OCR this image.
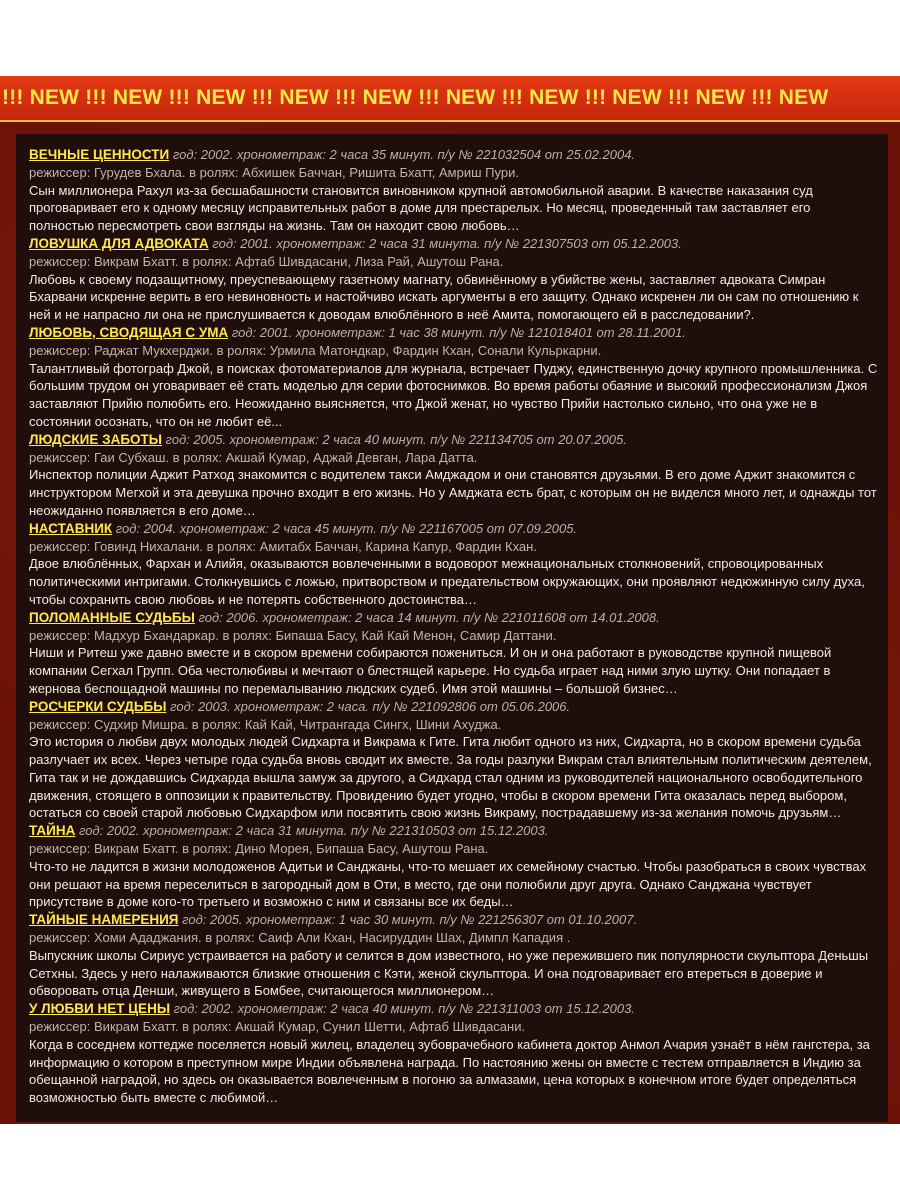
!!! NEW !!! NEW !!! NEW !!! NEW !!! NEW !!! NEW !!! NEW !!! NEW !!! NEW !!! NEW
ВЕЧНЫЕ ЦЕННОСТИ год: 2002. хронометраж: 2 часа 35 минут. п/у № 221032504 от 25.02.2004.
режиссер: Гурудев Бхала. в ролях: Абхишек Баччан, Ришита Бхатт, Амриш Пури.
Сын миллионера Рахул из-за бесшабашности становится виновником крупной автомобильной аварии. В качестве наказания суд проговаривает его к одному месяцу исправительных работ в доме для престарелых. Но месяц, проведенный там заставляет его полностью пересмотреть свои взгляды на жизнь. Там он находит свою любовь…
ЛОВУШКА ДЛЯ АДВОКАТА год: 2001. хронометраж: 2 часа 31 минута. п/у № 221307503 от 05.12.2003.
режиссер: Викрам Бхатт. в ролях: Афтаб Шивдасани, Лиза Рай, Ашутош Рана.
Любовь к своему подзащитному, преуспевающему газетному магнату, обвинённому в убийстве жены, заставляет адвоката Симран Бхарвани искренне верить в его невиновность и настойчиво искать аргументы в его защиту. Однако искренен ли он сам по отношению к ней и не напрасно ли она не прислушивается к доводам влюблённого в неё Амита, помогающего ей в расследовании?.
ЛЮБОВЬ, СВОДЯЩАЯ С УМА год: 2001. хронометраж: 1 час 38 минут. п/у № 121018401 от 28.11.2001.
режиссер: Раджат Мукхерджи. в ролях: Урмила Матондкар, Фардин Кхан, Сонали Кульркарни.
Талантливый фотограф Джой, в поисках фотоматериалов для журнала, встречает Пуджу, единственную дочку крупного промышленника. С большим трудом он уговаривает её стать моделью для серии фотоснимков. Во время работы обаяние и высокий профессионализм Джоя заставляют Прийю полюбить его. Неожиданно выясняется, что Джой женат, но чувство Прийи настолько сильно, что она уже не в состоянии осознать, что он не любит её...
ЛЮДСКИЕ ЗАБОТЫ год: 2005. хронометраж: 2 часа 40 минут. п/у № 221134705 от 20.07.2005.
режиссер: Гаи Субхаш. в ролях: Акшай Кумар, Аджай Девган, Лара Датта.
Инспектор полиции Аджит Ратход знакомится с водителем такси Амджадом и они становятся друзьями. В его доме Аджит знакомится с инструктором Мегхой и эта девушка прочно входит в его жизнь. Но у Амджата есть брат, с которым он не виделся много лет, и однажды тот неожиданно появляется в его доме…
НАСТАВНИК год: 2004. хронометраж: 2 часа 45 минут. п/у № 221167005 от 07.09.2005.
режиссер: Говинд Нихалани. в ролях: Амитабх Баччан, Карина Капур, Фардин Кхан.
Двое влюблённых, Фархан и Алийя, оказываются вовлеченными в водоворот межнациональных столкновений, спровоцированных политическими интригами. Столкнувшись с ложью, притворством и предательством окружающих, они проявляют недюжинную силу духа, чтобы сохранить свою любовь и не потерять собственного достоинства…
ПОЛОМАННЫЕ СУДЬБЫ год: 2006. хронометраж: 2 часа 14 минут. п/у № 221011608 от 14.01.2008.
режиссер: Мадхур Бхандаркар. в ролях: Бипаша Басу, Кай Кай Менон, Самир Даттани.
Ниши и Ритеш уже давно вместе и в скором времени собираются пожениться. И он и она работают в руководстве крупной пищевой компании Сегхал Групп. Оба честолюбивы и мечтают о блестящей карьере. Но судьба играет над ними злую шутку. Они попадает в жернова беспощадной машины по перемалыванию людских судеб. Имя этой машины – большой бизнес…
РОСЧЕРКИ СУДЬБЫ год: 2003. хронометраж: 2 часа. п/у № 221092806 от 05.06.2006.
режиссер: Судхир Мишра. в ролях: Кай Кай, Читрангада Сингх, Шини Ахуджа.
Это история о любви двух молодых людей Сидхарта и Викрама к Гите. Гита любит одного из них, Сидхарта, но в скором времени судьба разлучает их всех. Через четыре года судьба вновь сводит их вместе. За годы разлуки Викрам стал влиятельным политическим деятелем, Гита так и не дождавшись Сидхарда вышла замуж за другого, а Сидхард стал одним из руководителей национального освободительного движения, стоящего в оппозиции к правительству. Провидению будет угодно, чтобы в скором времени Гита оказалась перед выбором, остаться со своей старой любовью Сидхарфом или посвятить свою жизнь Викраму, пострадавшему из-за желания помочь друзьям…
ТАЙНА год: 2002. хронометраж: 2 часа 31 минута. п/у № 221310503 от 15.12.2003.
режиссер: Викрам Бхатт. в ролях: Дино Морея, Бипаша Басу, Ашутош Рана.
Что-то не ладится в жизни молодоженов Адитьи и Санджаны, что-то мешает их семейному счастью. Чтобы разобраться в своих чувствах они решают на время переселиться в загородный дом в Оти, в место, где они полюбили друг друга. Однако Санджана чувствует присутствие в доме кого-то третьего и возможно с ним и связаны все их беды…
ТАЙНЫЕ НАМЕРЕНИЯ год: 2005. хронометраж: 1 час 30 минут. п/у № 221256307 от 01.10.2007.
режиссер: Хоми Ададжания. в ролях: Саиф Али Кхан, Насируддин Шах, Димпл Кападия .
Выпускник школы Сириус устраивается на работу и селится в дом известного, но уже пережившего пик популярности скульптора Деньшы Сетхны. Здесь у него налаживаются близкие отношения с Кэти, женой скульптора. И она подговаривает его втереться в доверие и обворовать отца Денши, живущего в Бомбее, считающегося миллионером…
У ЛЮБВИ НЕТ ЦЕНЫ год: 2002. хронометраж: 2 часа 40 минут. п/у № 221311003 от 15.12.2003.
режиссер: Викрам Бхатт. в ролях: Акшай Кумар, Сунил Шетти, Афтаб Шивдасани.
Когда в соседнем коттедже поселяется новый жилец, владелец зубоврачебного кабинета доктор Анмол Ачария узнаёт в нём гангстера, за информацию о котором в преступном мире Индии объявлена награда. По настоянию жены он вместе с тестем отправляется в Индию за обещанной наградой, но здесь он оказывается вовлеченным в погоню за алмазами, цена которых в конечном итоге будет определяться возможностью быть вместе с любимой…
